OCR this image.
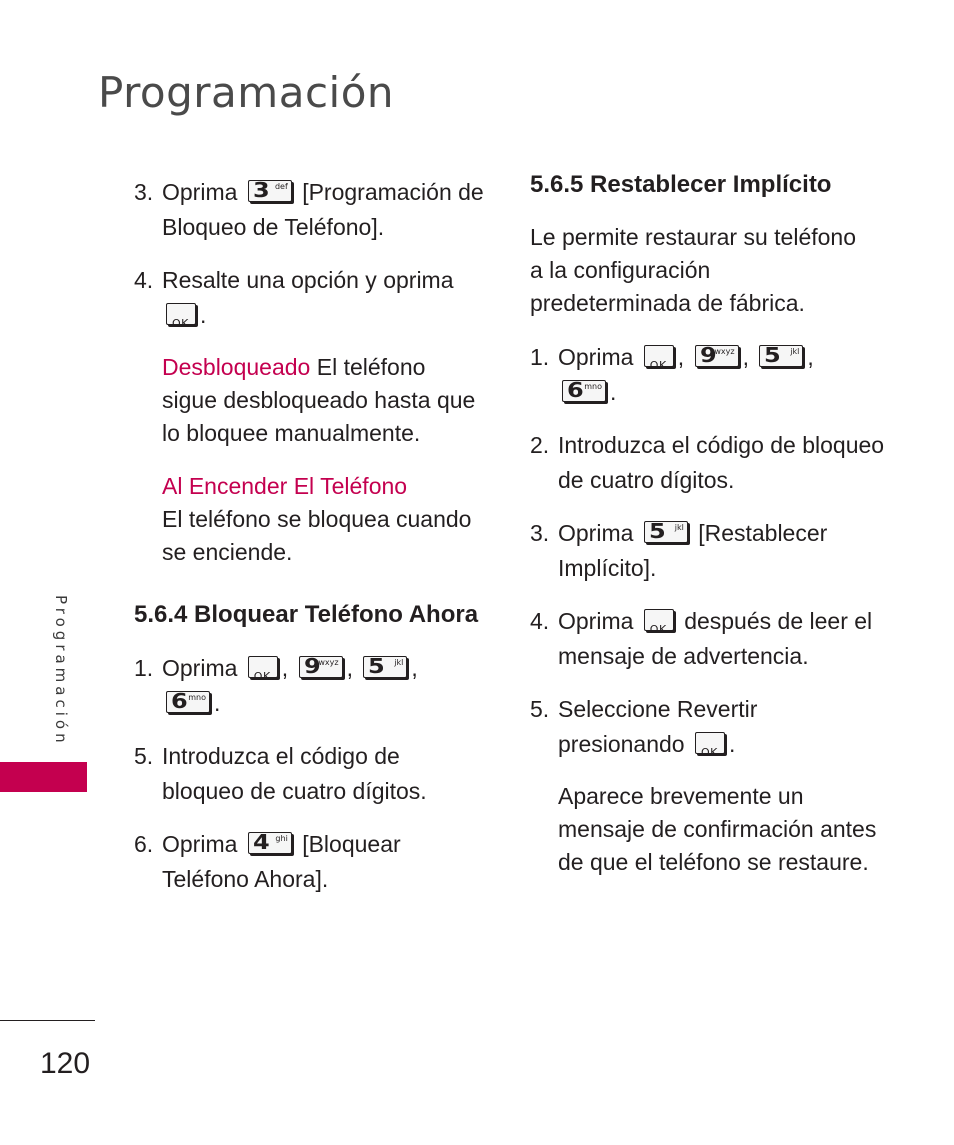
Programación
Programación
120
3. Oprima 3 def [Programación de Bloqueo de Teléfono].
4. Resalte una opción y oprima

OK .
Desbloqueado El teléfono sigue desbloqueado hasta que lo bloquee manualmente.
Al Encender El Teléfono
El teléfono se bloquea cuando se enciende.
5.6.4 Bloquear Teléfono Ahora
1. Oprima OK , 9 wxyz , 5 jkl ,

6 mno .
5. Introduzca el código de bloqueo de cuatro dígitos.
6. Oprima 4 ghi [Bloquear Teléfono Ahora].
5.6.5 Restablecer Implícito
Le permite restaurar su teléfono a la configuración predeterminada de fábrica.
1. Oprima OK , 9 wxyz , 5 jkl ,

6 mno .
2. Introduzca el código de bloqueo de cuatro dígitos.
3. Oprima 5 jkl [Restablecer Implícito].
4. Oprima OK después de leer el mensaje de advertencia.
5. Seleccione Revertir presionando OK .
Aparece brevemente un mensaje de confirmación antes de que el teléfono se restaure.
